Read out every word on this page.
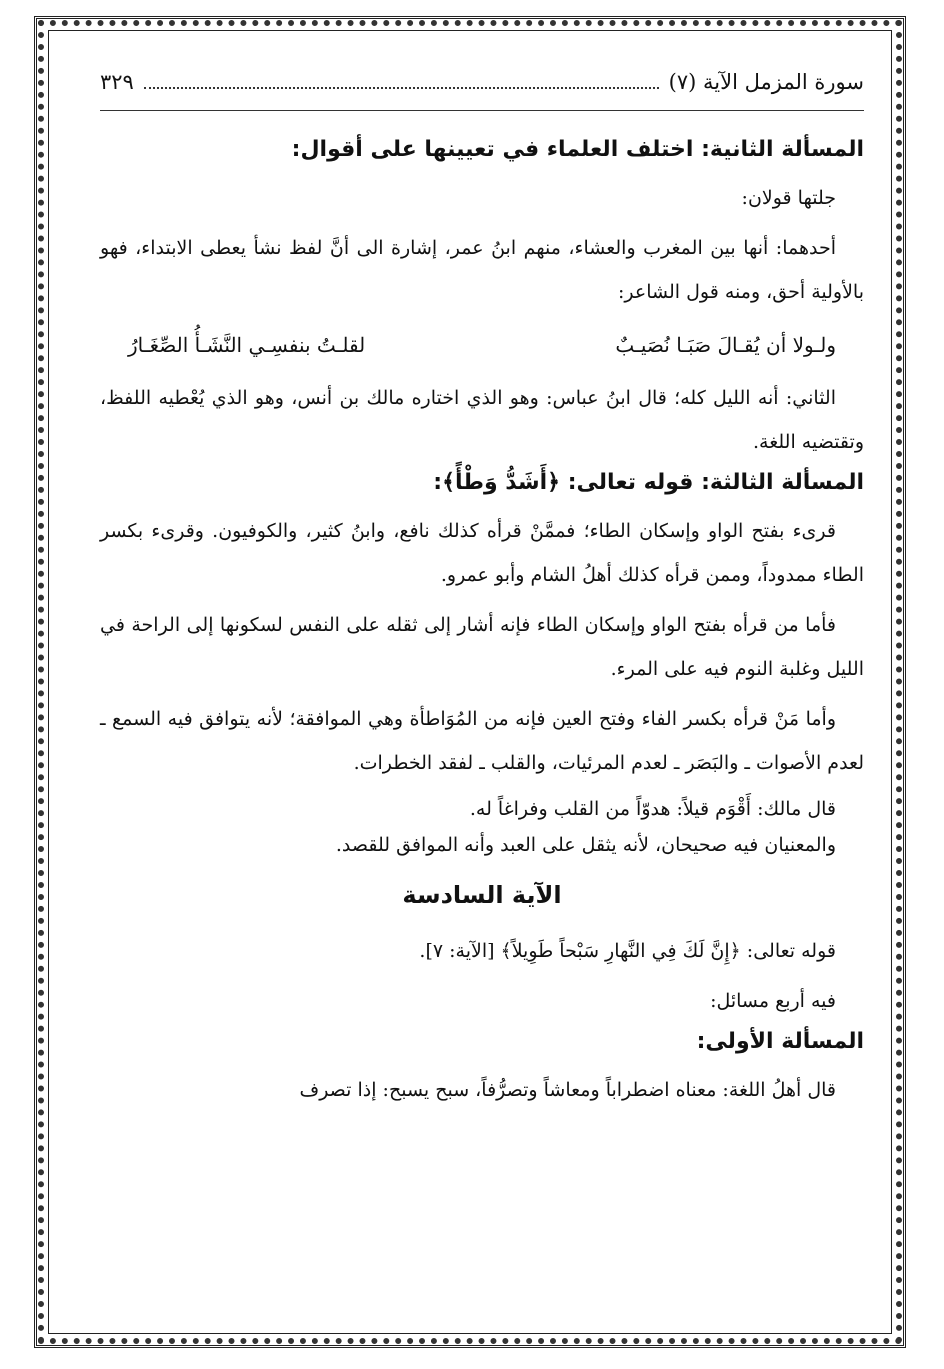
سورة المزمل الآية (٧)
٣٢٩
المسألة الثانية: اختلف العلماء في تعيينها على أقوال:

جلتها قولان:

أحدهما: أنها بين المغرب والعشاء، منهم ابنُ عمر، إشارة الى أنَّ لفظ نشأ يعطى الابتداء، فهو بالأولية أحق، ومنه قول الشاعر:

ولـولا أن يُقـالَ صَبَـا نُصَيـبٌ
لقلـتُ بنفسِـي النَّشَـأُ الصِّغَـارُ

الثاني: أنه الليل كله؛ قال ابنُ عباس: وهو الذي اختاره مالك بن أنس، وهو الذي يُعْطيه اللفظ، وتقتضيه اللغة.

المسألة الثالثة: قوله تعالى: ﴿أَشَدُّ وَطْأً﴾:

قرىء بفتح الواو وإسكان الطاء؛ فممَّنْ قرأه كذلك نافع، وابنُ كثير، والكوفيون. وقرىء بكسر الطاء ممدوداً، وممن قرأه كذلك أهلُ الشام وأبو عمرو.

فأما من قرأه بفتح الواو وإسكان الطاء فإنه أشار إلى ثقله على النفس لسكونها إلى الراحة في الليل وغلبة النوم فيه على المرء.

وأما مَنْ قرأه بكسر الفاء وفتح العين فإنه من المُوَاطأة وهي الموافقة؛ لأنه يتوافق فيه السمع ـ لعدم الأصوات ـ والبَصَر ـ لعدم المرئيات، والقلب ـ لفقد الخطرات.

قال مالك: أَقْوَم قيلاً: هدوّاً من القلب وفراغاً له.

والمعنيان فيه صحيحان، لأنه يثقل على العبد وأنه الموافق للقصد.

الآية السادسة

قوله تعالى: ﴿إِنَّ لَكَ فِي النَّهارِ سَبْحاً طَوِيلاً﴾ [الآية: ٧].

فيه أربع مسائل:

المسألة الأولى:

قال أهلُ اللغة: معناه اضطراباً ومعاشاً وتصرُّفاً، سبح يسبح: إذا تصرف
